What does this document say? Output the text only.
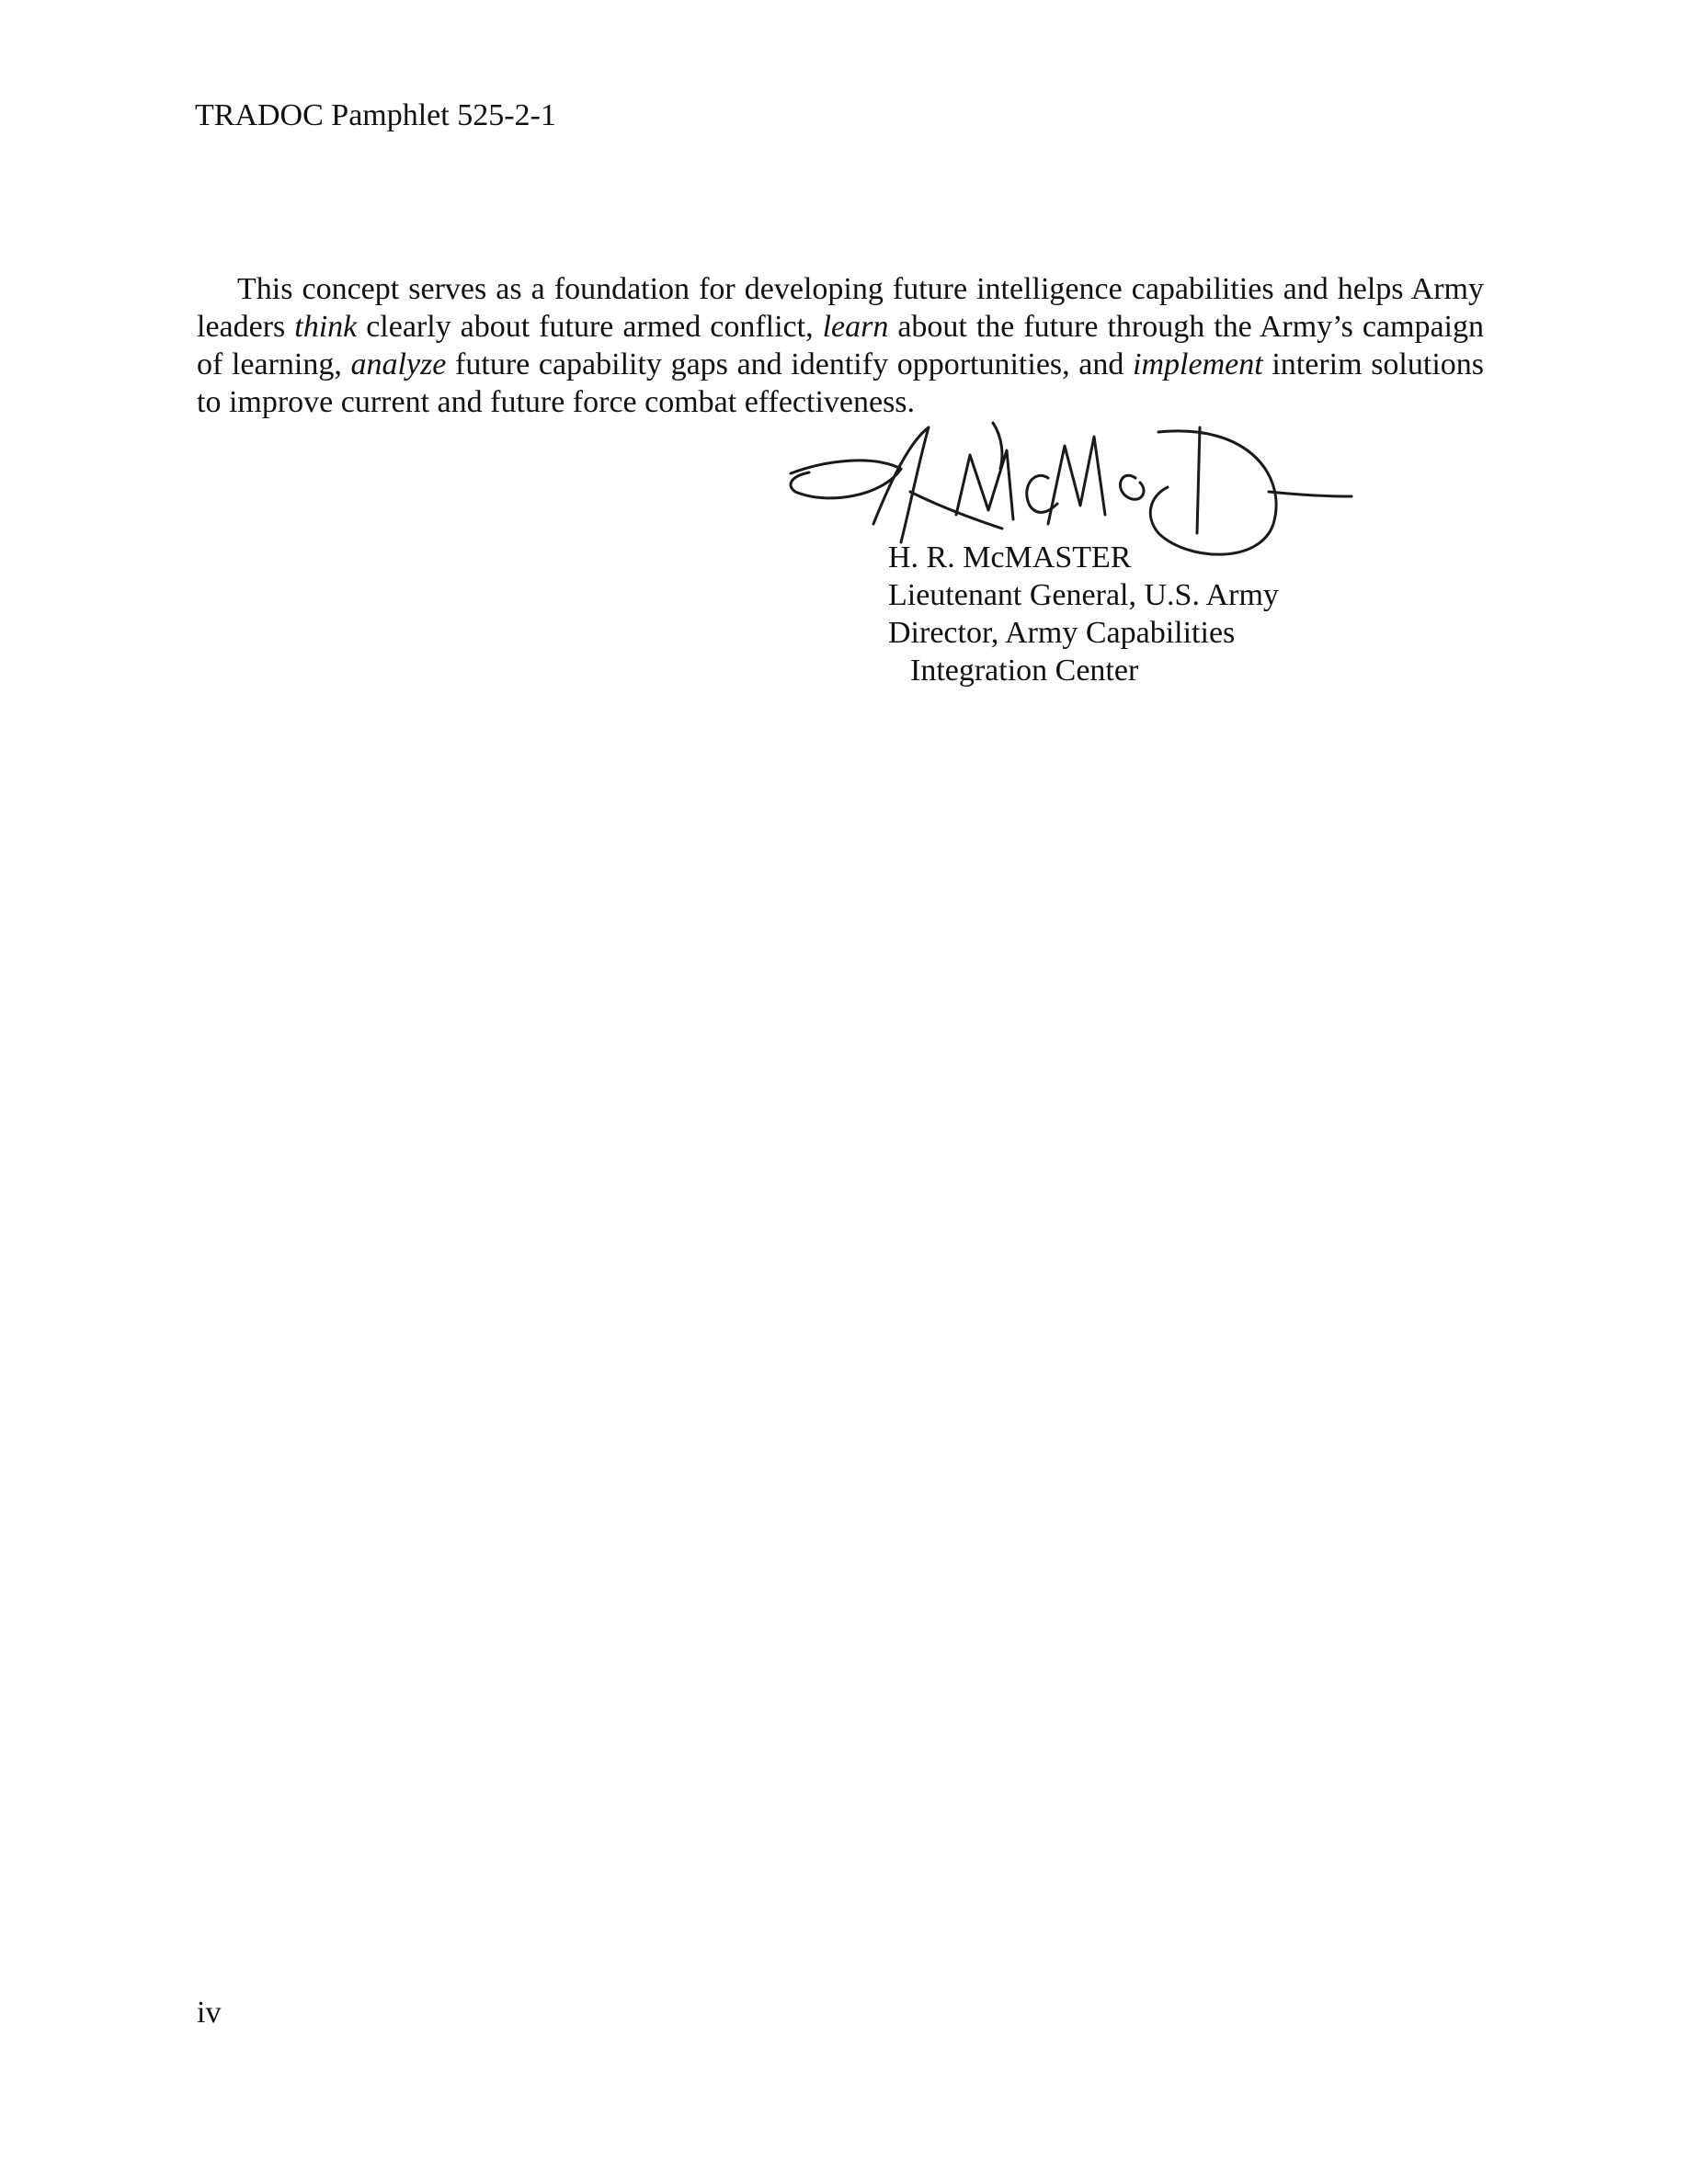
TRADOC Pamphlet 525-2-1

This concept serves as a foundation for developing future intelligence capabilities and helps Army leaders think clearly about future armed conflict, learn about the future through the Army’s campaign of learning, analyze future capability gaps and identify opportunities, and implement interim solutions to improve current and future force combat effectiveness.

H. R. McMASTER
Lieutenant General, U.S. Army
Director, Army Capabilities
Integration Center
iv
